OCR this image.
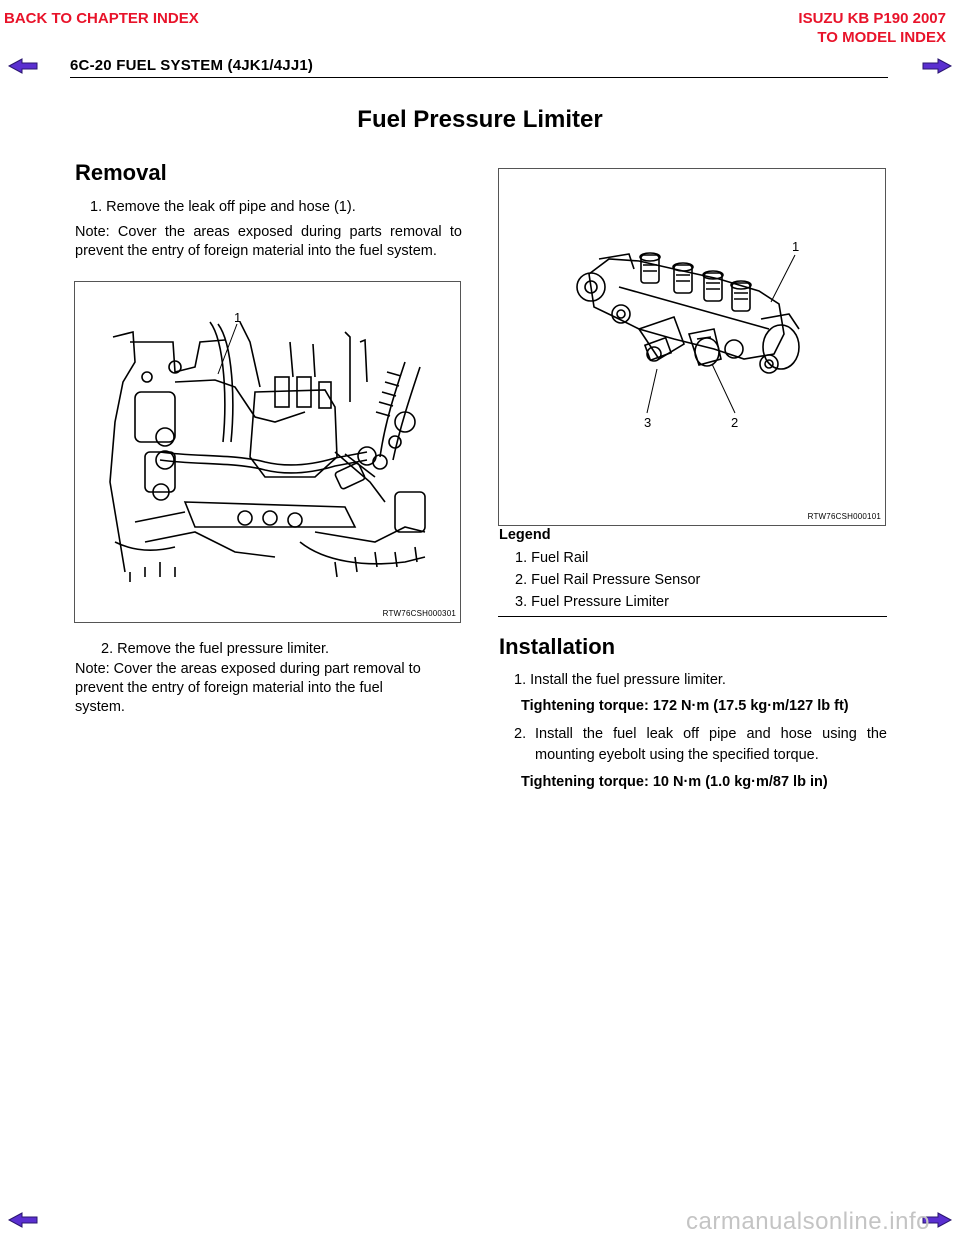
BACK TO CHAPTER INDEX	ISUZU KB P190 2007
TO MODEL INDEX
6C-20 FUEL SYSTEM (4JK1/4JJ1)
Fuel Pressure Limiter
Removal
1. Remove the leak off pipe and hose (1).
Note: Cover the areas exposed during parts removal to prevent the entry of foreign material into the fuel system.
1
RTW76CSH000301
2. Remove the fuel pressure limiter.
Note: Cover the areas exposed during part removal to
prevent the entry of foreign material into the fuel
system.
1
2
3
RTW76CSH000101
Legend
1. Fuel Rail
2. Fuel Rail Pressure Sensor
3. Fuel Pressure Limiter
Installation
1. Install the fuel pressure limiter.
Tightening torque: 172 N·m (17.5 kg·m/127 lb ft)
2. Install the fuel leak off pipe and hose using the
mounting eyebolt using the specified torque.
Tightening torque: 10 N·m (1.0 kg·m/87 lb in)
carmanualsonline.info
